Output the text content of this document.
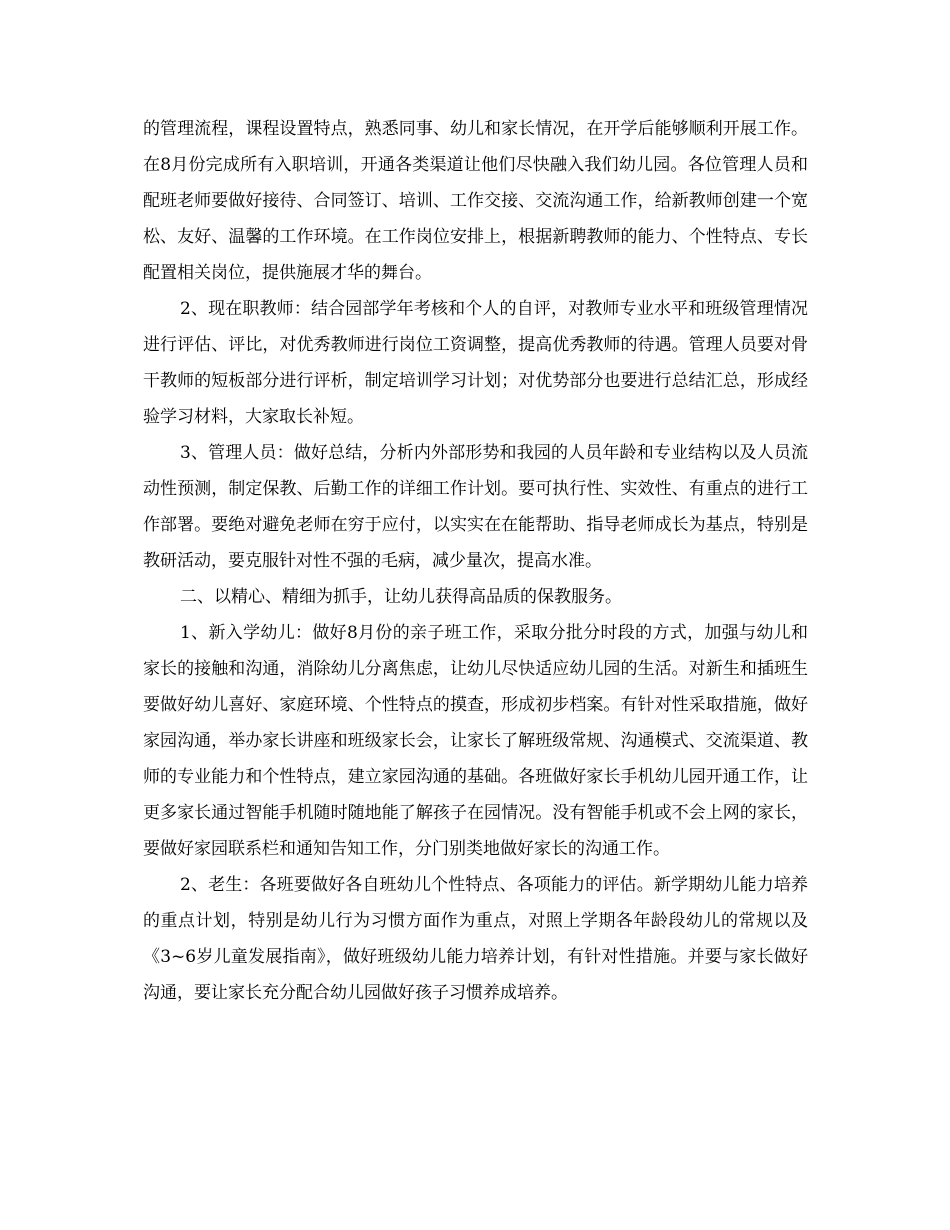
的管理流程，课程设置特点，熟悉同事、幼儿和家长情况，在开学后能够顺利开展工作。在8月份完成所有入职培训，开通各类渠道让他们尽快融入我们幼儿园。各位管理人员和配班老师要做好接待、合同签订、培训、工作交接、交流沟通工作，给新教师创建一个宽松、友好、温馨的工作环境。在工作岗位安排上，根据新聘教师的能力、个性特点、专长配置相关岗位，提供施展才华的舞台。

2、现在职教师：结合园部学年考核和个人的自评，对教师专业水平和班级管理情况进行评估、评比，对优秀教师进行岗位工资调整，提高优秀教师的待遇。管理人员要对骨干教师的短板部分进行评析，制定培训学习计划；对优势部分也要进行总结汇总，形成经验学习材料，大家取长补短。

3、管理人员：做好总结，分析内外部形势和我园的人员年龄和专业结构以及人员流动性预测，制定保教、后勤工作的详细工作计划。要可执行性、实效性、有重点的进行工作部署。要绝对避免老师在穷于应付，以实实在在能帮助、指导老师成长为基点，特别是教研活动，要克服针对性不强的毛病，减少量次，提高水准。

二、以精心、精细为抓手，让幼儿获得高品质的保教服务。

1、新入学幼儿：做好8月份的亲子班工作，采取分批分时段的方式，加强与幼儿和家长的接触和沟通，消除幼儿分离焦虑，让幼儿尽快适应幼儿园的生活。对新生和插班生要做好幼儿喜好、家庭环境、个性特点的摸查，形成初步档案。有针对性采取措施，做好家园沟通，举办家长讲座和班级家长会，让家长了解班级常规、沟通模式、交流渠道、教师的专业能力和个性特点，建立家园沟通的基础。各班做好家长手机幼儿园开通工作，让更多家长通过智能手机随时随地能了解孩子在园情况。没有智能手机或不会上网的家长，要做好家园联系栏和通知告知工作，分门别类地做好家长的沟通工作。

2、老生：各班要做好各自班幼儿个性特点、各项能力的评估。新学期幼儿能力培养的重点计划，特别是幼儿行为习惯方面作为重点，对照上学期各年龄段幼儿的常规以及《3~6岁儿童发展指南》，做好班级幼儿能力培养计划，有针对性措施。并要与家长做好沟通，要让家长充分配合幼儿园做好孩子习惯养成培养。
